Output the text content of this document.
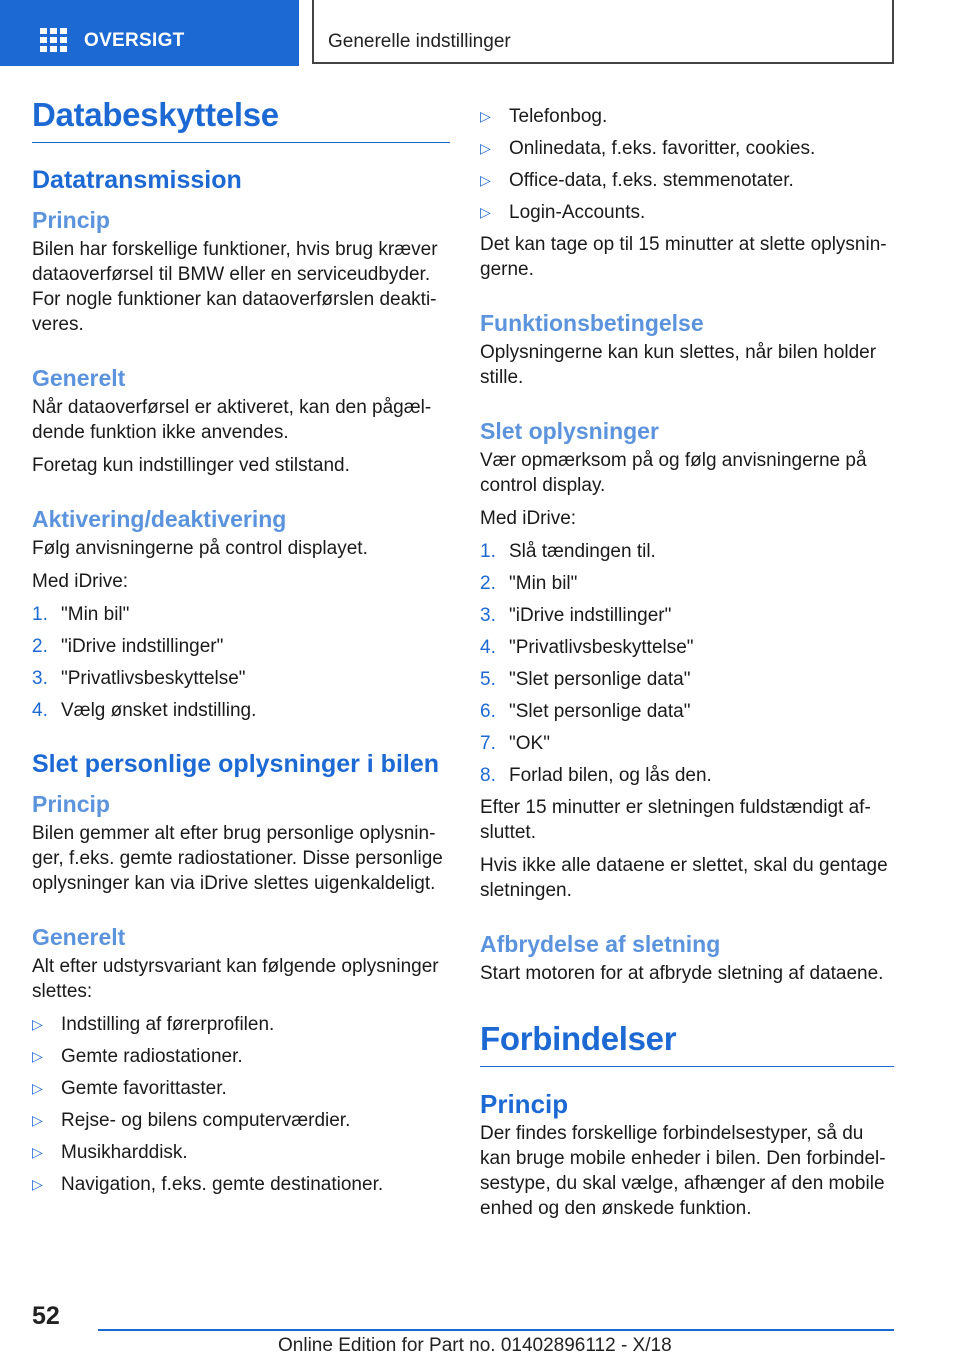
OVERSIGT	Generelle indstillinger
Databeskyttelse
Datatransmission
Princip

Bilen har forskellige funktioner, hvis brug kræver dataoverførsel til BMW eller en serviceudbyder. For nogle funktioner kan dataoverførslen deaktiveres.

Generelt

Når dataoverførsel er aktiveret, kan den pågældende funktion ikke anvendes.

Foretag kun indstillinger ved stilstand.

Aktivering/deaktivering

Følg anvisningerne på control displayet.

Med iDrive:

1. "Min bil"
2. "iDrive indstillinger"
3. "Privatlivsbeskyttelse"
4. Vælg ønsket indstilling.
Slet personlige oplysninger i bilen
Princip

Bilen gemmer alt efter brug personlige oplysninger, f.eks. gemte radiostationer. Disse personlige oplysninger kan via iDrive slettes uigenkaldeligt.

Generelt

Alt efter udstyrsvariant kan følgende oplysninger slettes:

▷ Indstilling af førerprofilen.
▷ Gemte radiostationer.
▷ Gemte favorittaster.
▷ Rejse- og bilens computerværdier.
▷ Musikharddisk.
▷ Navigation, f.eks. gemte destinationer.
▷ Telefonbog.
▷ Onlinedata, f.eks. favoritter, cookies.
▷ Office-data, f.eks. stemmenotater.
▷ Login-Accounts.

Det kan tage op til 15 minutter at slette oplysningerne.

Funktionsbetingelse

Oplysningerne kan kun slettes, når bilen holder stille.

Slet oplysninger

Vær opmærksom på og følg anvisningerne på control display.

Med iDrive:

1. Slå tændingen til.
2. "Min bil"
3. "iDrive indstillinger"
4. "Privatlivsbeskyttelse"
5. "Slet personlige data"
6. "Slet personlige data"
7. "OK"
8. Forlad bilen, og lås den.

Efter 15 minutter er sletningen fuldstændigt afsluttet.

Hvis ikke alle dataene er slettet, skal du gentage sletningen.

Afbrydelse af sletning

Start motoren for at afbryde sletning af dataene.

Forbindelser
Princip

Der findes forskellige forbindelsestyper, så du kan bruge mobile enheder i bilen. Den forbindelsestype, du skal vælge, afhænger af den mobile enhed og den ønskede funktion.

52
Online Edition for Part no. 01402896112 - X/18
